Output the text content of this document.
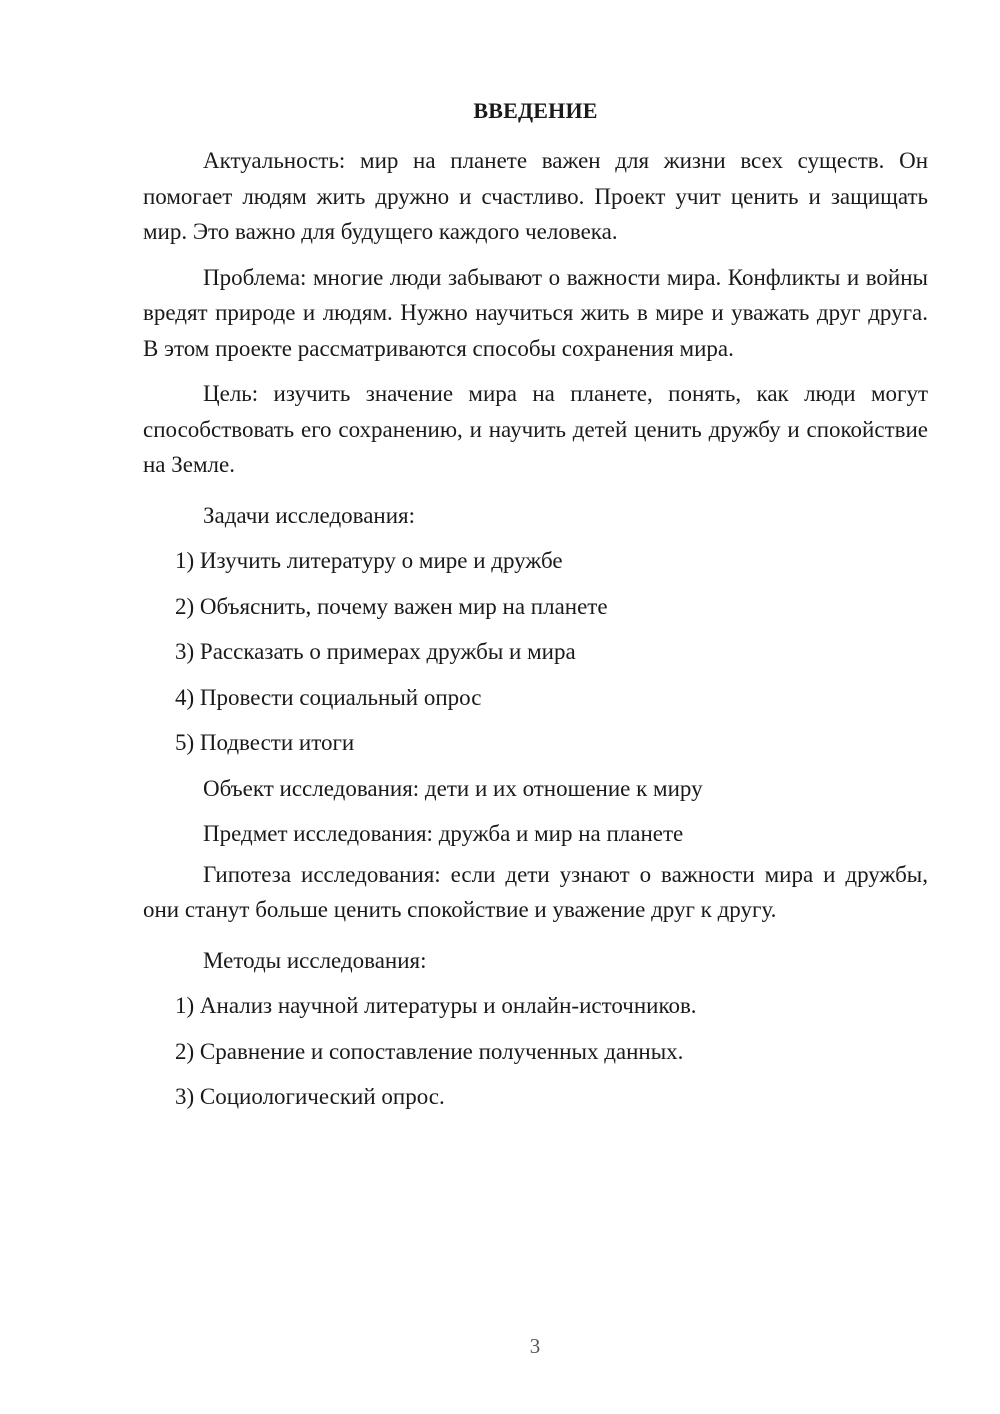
ВВЕДЕНИЕ

Актуальность: мир на планете важен для жизни всех существ. Он помогает людям жить дружно и счастливо. Проект учит ценить и защищать мир. Это важно для будущего каждого человека.

Проблема: многие люди забывают о важности мира. Конфликты и войны вредят природе и людям. Нужно научиться жить в мире и уважать друг друга. В этом проекте рассматриваются способы сохранения мира.

Цель: изучить значение мира на планете, понять, как люди могут способствовать его сохранению, и научить детей ценить дружбу и спокойствие на Земле.

Задачи исследования:

1) Изучить литературу о мире и дружбе
2) Объяснить, почему важен мир на планете
3) Рассказать о примерах дружбы и мира
4) Провести социальный опрос
5) Подвести итоги

Объект исследования: дети и их отношение к миру

Предмет исследования: дружба и мир на планете

Гипотеза исследования: если дети узнают о важности мира и дружбы, они станут больше ценить спокойствие и уважение друг к другу.

Методы исследования:

1) Анализ научной литературы и онлайн-источников.
2) Сравнение и сопоставление полученных данных.
3) Социологический опрос.
3
